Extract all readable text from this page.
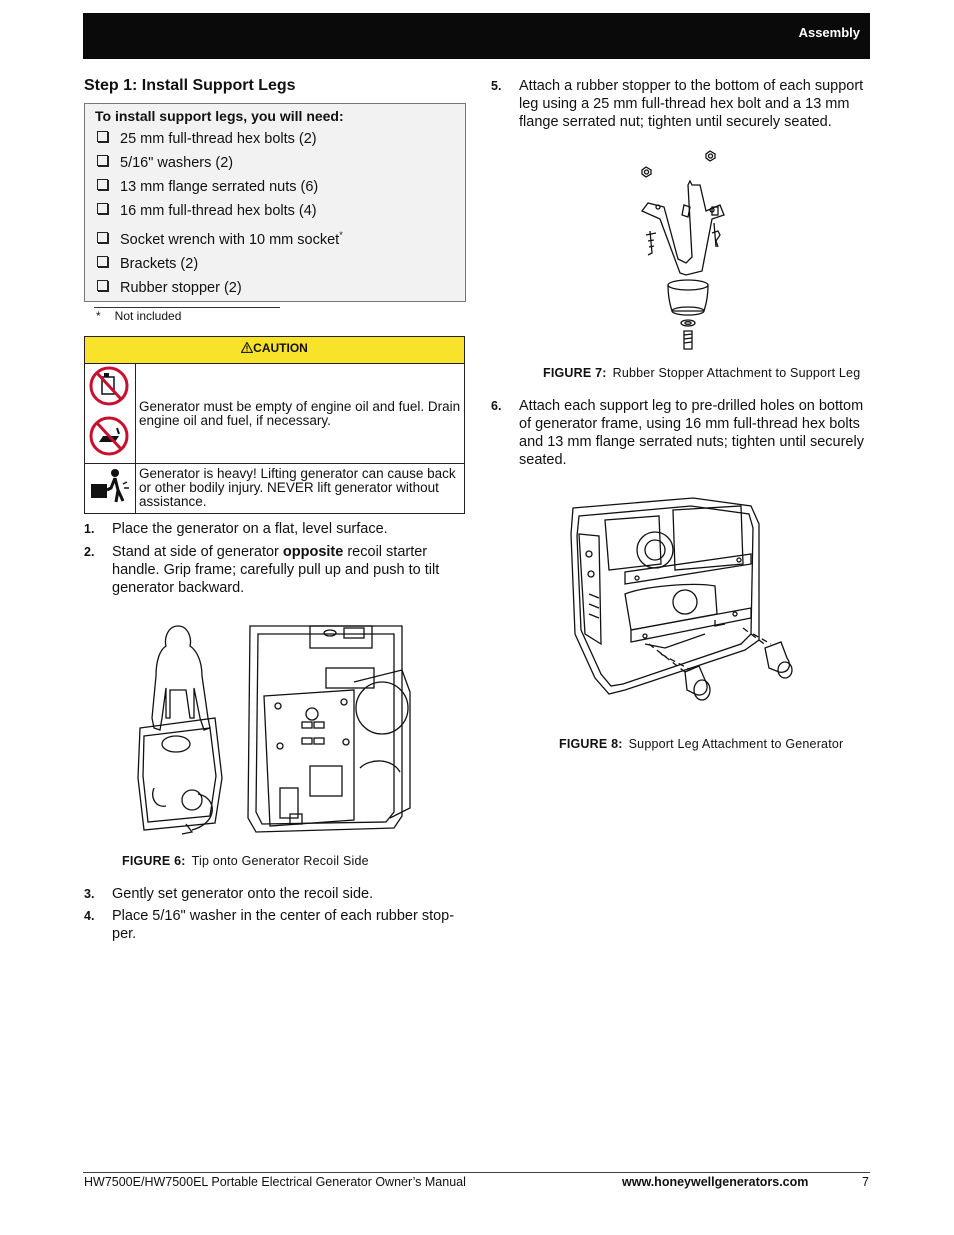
Assembly
Step 1: Install Support Legs
To install support legs, you will need:
25 mm full-thread hex bolts (2)
5/16" washers (2)
13 mm flange serrated nuts (6)
16 mm full-thread hex bolts (4)
Socket wrench with 10 mm socket*
Brackets (2)
Rubber stopper (2)
* Not included
CAUTION
Generator must be empty of engine oil and fuel. Drain engine oil and fuel, if necessary.
Generator is heavy! Lifting generator can cause back or other bodily injury. NEVER lift generator without assistance.
1. Place the generator on a flat, level surface.
2. Stand at side of generator opposite recoil starter handle. Grip frame; carefully pull up and push to tilt generator backward.
FIGURE 6: Tip onto Generator Recoil Side
3. Gently set generator onto the recoil side.
4. Place 5/16" washer in the center of each rubber stop-per.
5. Attach a rubber stopper to the bottom of each support leg using a 25 mm full-thread hex bolt and a 13 mm flange serrated nut; tighten until securely seated.
FIGURE 7: Rubber Stopper Attachment to Support Leg
6. Attach each support leg to pre-drilled holes on bottom of generator frame, using 16 mm full-thread hex bolts and 13 mm flange serrated nuts; tighten until securely seated.
FIGURE 8: Support Leg Attachment to Generator
HW7500E/HW7500EL Portable Electrical Generator Owner’s Manual	www.honeywellgenerators.com	7
